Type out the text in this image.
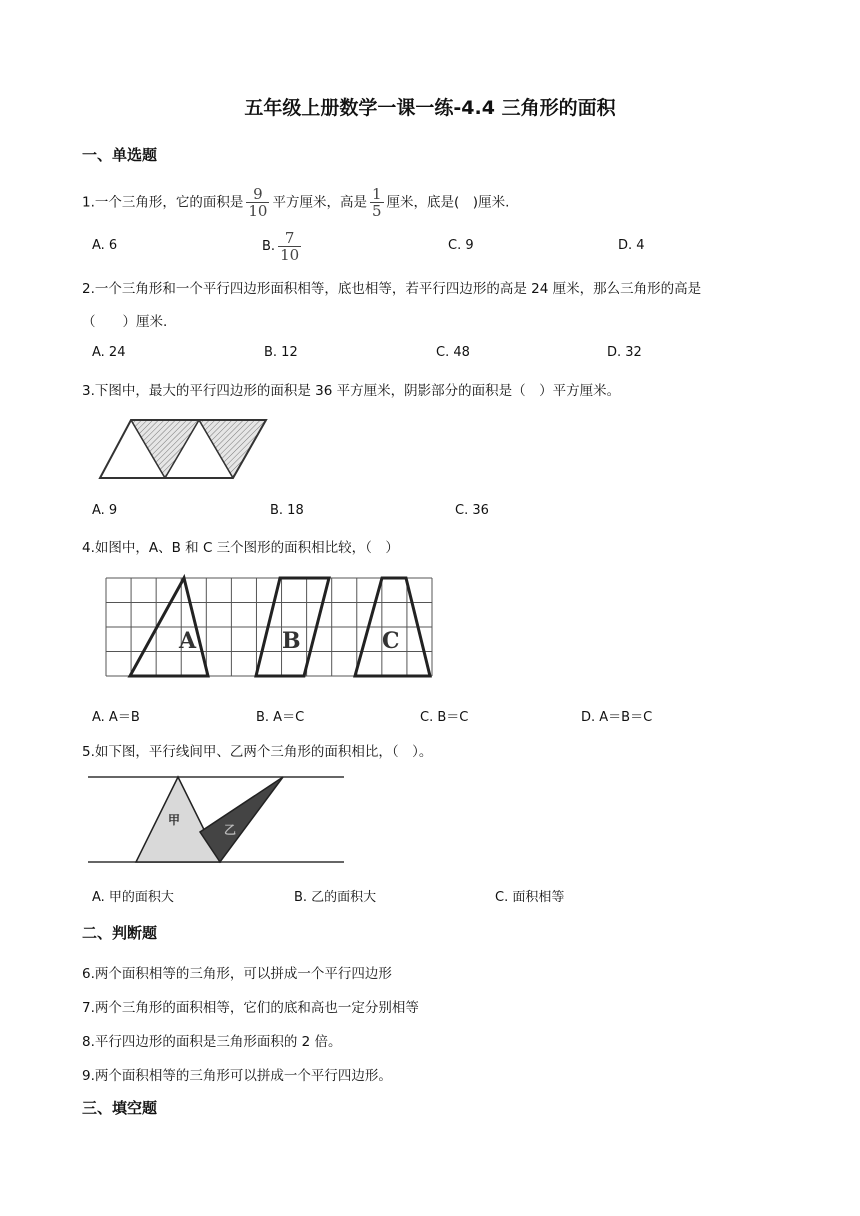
五年级上册数学一课一练-4.4 三角形的面积
一、单选题
1.一个三角形，它的面积是 $\frac{9}{10}$ 平方厘米，高是 $\frac{1}{5}$ 厘米，底是(　)厘米.
A. 6	B. $\frac{7}{10}$	C. 9	D. 4
2.一个三角形和一个平行四边形面积相等，底也相等，若平行四边形的高是 24 厘米，那么三角形的高是
（　　）厘米.
A. 24	B. 12	C. 48	D. 32
3.下图中，最大的平行四边形的面积是 36 平方厘米，阴影部分的面积是（　）平方厘米。
A. 9	B. 18	C. 36
4.如图中，A、B 和 C 三个图形的面积相比较，（　）
A	B	C
A. A＝B	B. A＝C	C. B＝C	D. A＝B＝C
5.如下图，平行线间甲、乙两个三角形的面积相比，（　）。
甲
乙
A. 甲的面积大	B. 乙的面积大	C. 面积相等
二、判断题
6.两个面积相等的三角形，可以拼成一个平行四边形
7.两个三角形的面积相等，它们的底和高也一定分别相等
8.平行四边形的面积是三角形面积的 2 倍。
9.两个面积相等的三角形可以拼成一个平行四边形。
三、填空题
